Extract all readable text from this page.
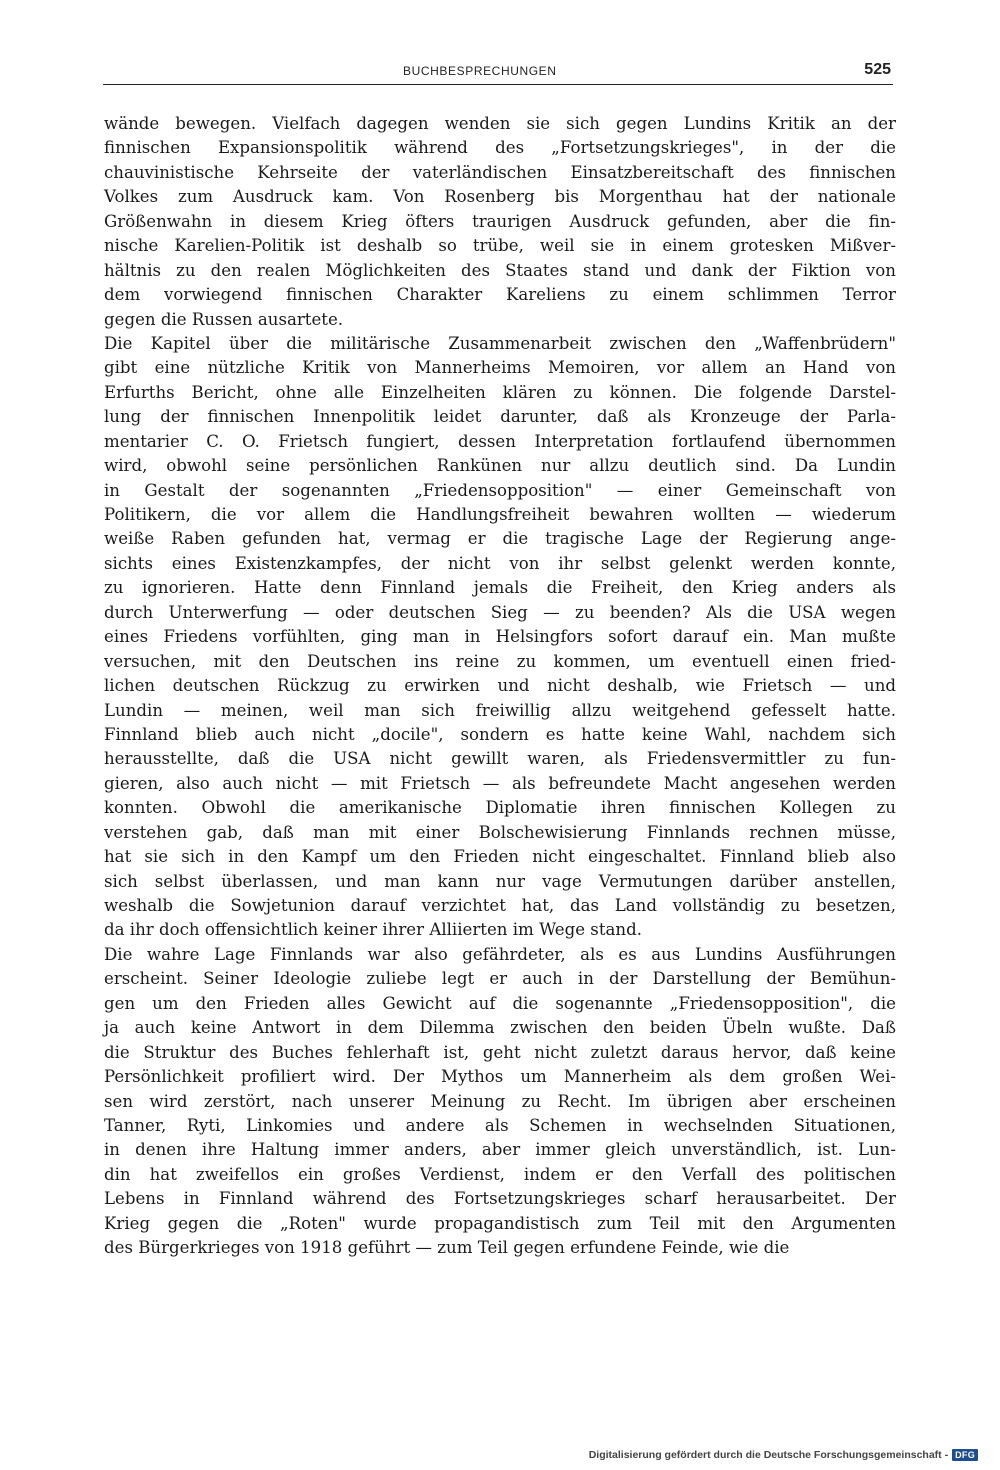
BUCHBESPRECHUNGEN	525
wände bewegen. Vielfach dagegen wenden sie sich gegen Lundins Kritik an der
finnischen Expansionspolitik während des „Fortsetzungskrieges", in der die
chauvinistische Kehrseite der vaterländischen Einsatzbereitschaft des finnischen
Volkes zum Ausdruck kam. Von Rosenberg bis Morgenthau hat der nationale
Größenwahn in diesem Krieg öfters traurigen Ausdruck gefunden, aber die fin-
nische Karelien-Politik ist deshalb so trübe, weil sie in einem grotesken Mißver-
hältnis zu den realen Möglichkeiten des Staates stand und dank der Fiktion von
dem vorwiegend finnischen Charakter Kareliens zu einem schlimmen Terror
gegen die Russen ausartete.
Die Kapitel über die militärische Zusammenarbeit zwischen den „Waffenbrüdern"
gibt eine nützliche Kritik von Mannerheims Memoiren, vor allem an Hand von
Erfurths Bericht, ohne alle Einzelheiten klären zu können. Die folgende Darstel-
lung der finnischen Innenpolitik leidet darunter, daß als Kronzeuge der Parla-
mentarier C. O. Frietsch fungiert, dessen Interpretation fortlaufend übernommen
wird, obwohl seine persönlichen Rankünen nur allzu deutlich sind. Da Lundin
in Gestalt der sogenannten „Friedensopposition" — einer Gemeinschaft von
Politikern, die vor allem die Handlungsfreiheit bewahren wollten — wiederum
weiße Raben gefunden hat, vermag er die tragische Lage der Regierung ange-
sichts eines Existenzkampfes, der nicht von ihr selbst gelenkt werden konnte,
zu ignorieren. Hatte denn Finnland jemals die Freiheit, den Krieg anders als
durch Unterwerfung — oder deutschen Sieg — zu beenden? Als die USA wegen
eines Friedens vorfühlten, ging man in Helsingfors sofort darauf ein. Man mußte
versuchen, mit den Deutschen ins reine zu kommen, um eventuell einen fried-
lichen deutschen Rückzug zu erwirken und nicht deshalb, wie Frietsch — und
Lundin — meinen, weil man sich freiwillig allzu weitgehend gefesselt hatte.
Finnland blieb auch nicht „docile", sondern es hatte keine Wahl, nachdem sich
herausstellte, daß die USA nicht gewillt waren, als Friedensvermittler zu fun-
gieren, also auch nicht — mit Frietsch — als befreundete Macht angesehen werden
konnten. Obwohl die amerikanische Diplomatie ihren finnischen Kollegen zu
verstehen gab, daß man mit einer Bolschewisierung Finnlands rechnen müsse,
hat sie sich in den Kampf um den Frieden nicht eingeschaltet. Finnland blieb also
sich selbst überlassen, und man kann nur vage Vermutungen darüber anstellen,
weshalb die Sowjetunion darauf verzichtet hat, das Land vollständig zu besetzen,
da ihr doch offensichtlich keiner ihrer Alliierten im Wege stand.
Die wahre Lage Finnlands war also gefährdeter, als es aus Lundins Ausführungen
erscheint. Seiner Ideologie zuliebe legt er auch in der Darstellung der Bemühun-
gen um den Frieden alles Gewicht auf die sogenannte „Friedensopposition", die
ja auch keine Antwort in dem Dilemma zwischen den beiden Übeln wußte. Daß
die Struktur des Buches fehlerhaft ist, geht nicht zuletzt daraus hervor, daß keine
Persönlichkeit profiliert wird. Der Mythos um Mannerheim als dem großen Wei-
sen wird zerstört, nach unserer Meinung zu Recht. Im übrigen aber erscheinen
Tanner, Ryti, Linkomies und andere als Schemen in wechselnden Situationen,
in denen ihre Haltung immer anders, aber immer gleich unverständlich, ist. Lun-
din hat zweifellos ein großes Verdienst, indem er den Verfall des politischen
Lebens in Finnland während des Fortsetzungskrieges scharf herausarbeitet. Der
Krieg gegen die „Roten" wurde propagandistisch zum Teil mit den Argumenten
des Bürgerkrieges von 1918 geführt — zum Teil gegen erfundene Feinde, wie die
Digitalisierung gefördert durch die Deutsche Forschungsgemeinschaft - DFG
